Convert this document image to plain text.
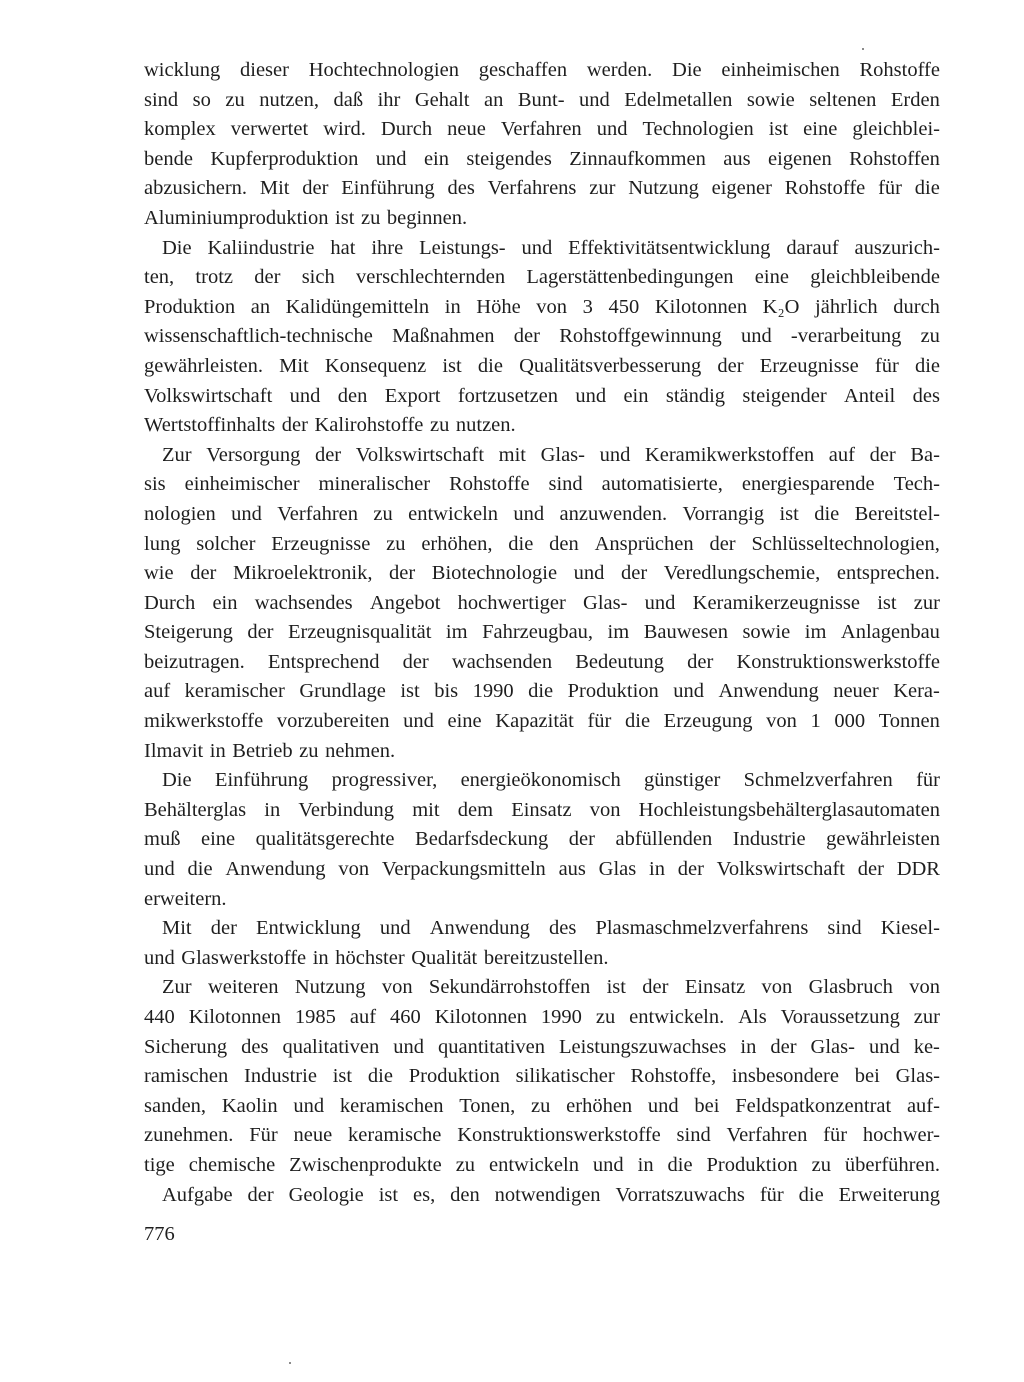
wicklung dieser Hochtechnologien geschaffen werden. Die einheimischen Rohstoffe
sind so zu nutzen, daß ihr Gehalt an Bunt- und Edelmetallen sowie seltenen Erden
komplex verwertet wird. Durch neue Verfahren und Technologien ist eine gleichblei-
bende Kupferproduktion und ein steigendes Zinnaufkommen aus eigenen Rohstoffen
abzusichern. Mit der Einführung des Verfahrens zur Nutzung eigener Rohstoffe für die
Aluminiumproduktion ist zu beginnen.
Die Kaliindustrie hat ihre Leistungs- und Effektivitätsentwicklung darauf auszurich-
ten, trotz der sich verschlechternden Lagerstättenbedingungen eine gleichbleibende
Produktion an Kalidüngemitteln in Höhe von 3 450 Kilotonnen K₂O jährlich durch
wissenschaftlich-technische Maßnahmen der Rohstoffgewinnung und -verarbeitung zu
gewährleisten. Mit Konsequenz ist die Qualitätsverbesserung der Erzeugnisse für die
Volkswirtschaft und den Export fortzusetzen und ein ständig steigender Anteil des
Wertstoffinhalts der Kalirohstoffe zu nutzen.
Zur Versorgung der Volkswirtschaft mit Glas- und Keramikwerkstoffen auf der Ba-
sis einheimischer mineralischer Rohstoffe sind automatisierte, energiesparende Tech-
nologien und Verfahren zu entwickeln und anzuwenden. Vorrangig ist die Bereitstel-
lung solcher Erzeugnisse zu erhöhen, die den Ansprüchen der Schlüsseltechnologien,
wie der Mikroelektronik, der Biotechnologie und der Veredlungschemie, entsprechen.
Durch ein wachsendes Angebot hochwertiger Glas- und Keramikerzeugnisse ist zur
Steigerung der Erzeugnisqualität im Fahrzeugbau, im Bauwesen sowie im Anlagenbau
beizutragen. Entsprechend der wachsenden Bedeutung der Konstruktionswerkstoffe
auf keramischer Grundlage ist bis 1990 die Produktion und Anwendung neuer Kera-
mikwerkstoffe vorzubereiten und eine Kapazität für die Erzeugung von 1 000 Tonnen
Ilmavit in Betrieb zu nehmen.
Die Einführung progressiver, energieökonomisch günstiger Schmelzverfahren für
Behälterglas in Verbindung mit dem Einsatz von Hochleistungsbehälterglasautomaten
muß eine qualitätsgerechte Bedarfsdeckung der abfüllenden Industrie gewährleisten
und die Anwendung von Verpackungsmitteln aus Glas in der Volkswirtschaft der DDR
erweitern.
Mit der Entwicklung und Anwendung des Plasmaschmelzverfahrens sind Kiesel-
und Glaswerkstoffe in höchster Qualität bereitzustellen.
Zur weiteren Nutzung von Sekundärrohstoffen ist der Einsatz von Glasbruch von
440 Kilotonnen 1985 auf 460 Kilotonnen 1990 zu entwickeln. Als Voraussetzung zur
Sicherung des qualitativen und quantitativen Leistungszuwachses in der Glas- und ke-
ramischen Industrie ist die Produktion silikatischer Rohstoffe, insbesondere bei Glas-
sanden, Kaolin und keramischen Tonen, zu erhöhen und bei Feldspatkonzentrat auf-
zunehmen. Für neue keramische Konstruktionswerkstoffe sind Verfahren für hochwer-
tige chemische Zwischenprodukte zu entwickeln und in die Produktion zu überführen.
Aufgabe der Geologie ist es, den notwendigen Vorratszuwachs für die Erweiterung
776
